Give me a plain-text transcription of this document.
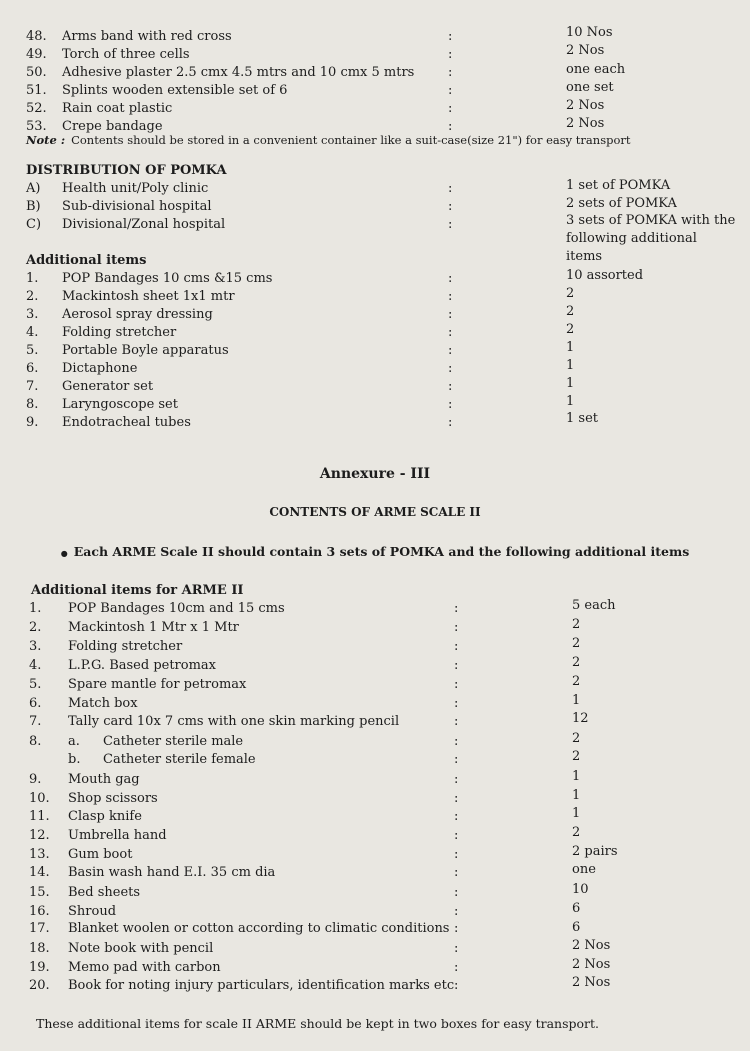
48. Arms band with red cross	:	10 Nos
49. Torch of three cells	:	2 Nos
50. Adhesive plaster 2.5 cmx 4.5 mtrs and 10 cmx 5 mtrs	:	one each
51. Splints wooden extensible set of 6	:	one set
52. Rain coat plastic	:	2 Nos
53. Crepe bandage	:	2 Nos
Note : Contents should be stored in a convenient container like a suit-case(size 21") for easy transport
DISTRIBUTION OF POMKA
A) Health unit/Poly clinic	:	1 set of POMKA
B) Sub-divisional hospital	:	2 sets of POMKA
C) Divisional/Zonal hospital	:	3 sets of POMKA with the following additional items
Additional items
1. POP Bandages 10 cms &15 cms	:	10 assorted
2. Mackintosh sheet 1x1 mtr	:	2
3. Aerosol spray dressing	:	2
4. Folding stretcher	:	2
5. Portable Boyle apparatus	:	1
6. Dictaphone	:	1
7. Generator set	:	1
8. Laryngoscope set	:	1
9. Endotracheal tubes	:	1 set
Annexure - III
CONTENTS OF ARME SCALE II
● Each ARME Scale II should contain 3 sets of POMKA and the following additional items
Additional items for ARME II
1. POP Bandages 10cm and 15 cms	:	5 each
2. Mackintosh 1 Mtr x 1 Mtr	:	2
3. Folding stretcher	:	2
4. L.P.G. Based petromax	:	2
5. Spare mantle for petromax	:	2
6. Match box	:	1
7. Tally card 10x 7 cms with one skin marking pencil	:	12
8. a. Catheter sterile male	:	2
b. Catheter sterile female	:	2
9. Mouth gag	:	1
10. Shop scissors	:	1
11. Clasp knife	:	1
12. Umbrella hand	:	2
13. Gum boot	:	2 pairs
14. Basin wash hand E.I. 35 cm dia	:	one
15. Bed sheets	:	10
16. Shroud	:	6
17. Blanket woolen or cotton according to climatic conditions :	6
18. Note book with pencil	:	2 Nos
19. Memo pad with carbon	:	2 Nos
20. Book for noting injury particulars, identification marks etc :	2 Nos
These additional items for scale II ARME should be kept in two boxes for easy transport.
